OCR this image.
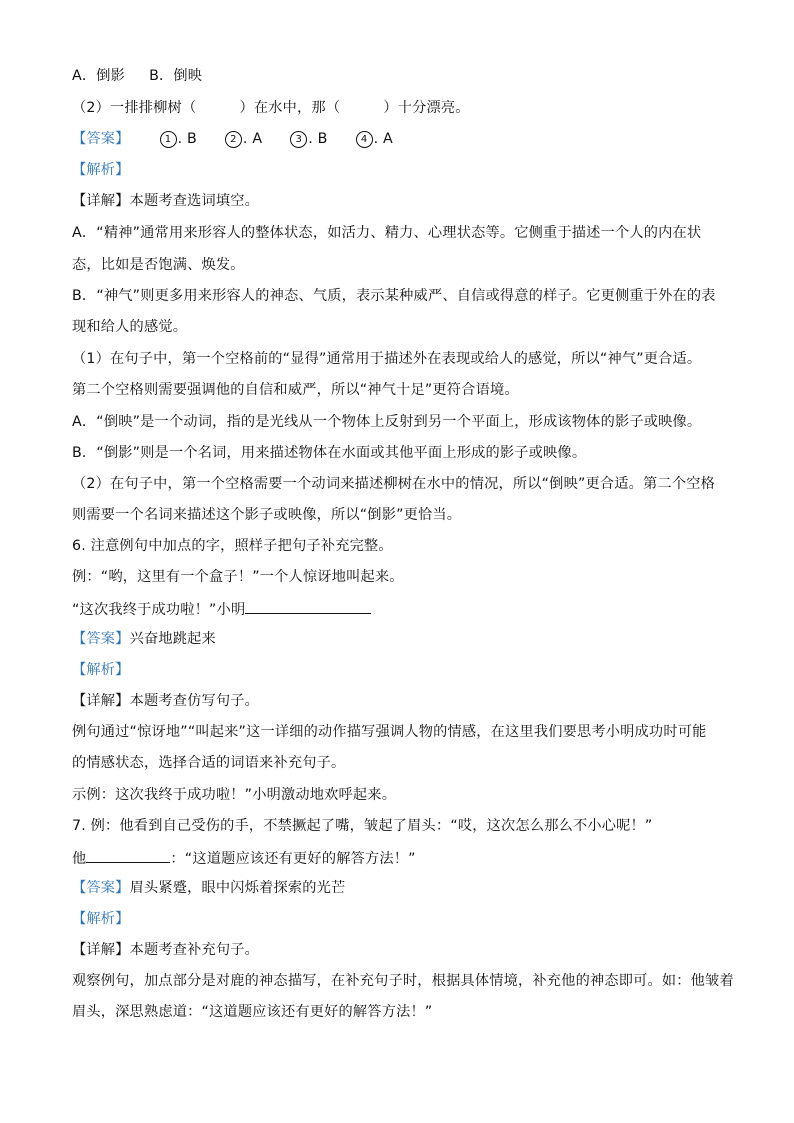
A．倒影 B．倒映
（2）一排排柳树（　　　）在水中，那（　　　）十分漂亮。
【答案】	1 . B	2 . A	3 . B	4 . A
【解析】
【详解】本题考查选词填空。
A．“精神”通常用来形容人的整体状态，如活力、精力、心理状态等。它侧重于描述一个人的内在状
态，比如是否饱满、焕发。
B．“神气”则更多用来形容人的神态、气质，表示某种威严、自信或得意的样子。它更侧重于外在的表
现和给人的感觉。
（1）在句子中，第一个空格前的“显得”通常用于描述外在表现或给人的感觉，所以“神气”更合适。
第二个空格则需要强调他的自信和威严，所以“神气十足”更符合语境。
A．“倒映”是一个动词，指的是光线从一个物体上反射到另一个平面上，形成该物体的影子或映像。
B．“倒影”则是一个名词，用来描述物体在水面或其他平面上形成的影子或映像。
（2）在句子中，第一个空格需要一个动词来描述柳树在水中的情况，所以“倒映”更合适。第二个空格
则需要一个名词来描述这个影子或映像，所以“倒影”更恰当。
6. 注意例句中加点的字，照样子把句子补充完整。
例：“哟，这里有一个盒子！”一个人惊讶地叫起来。
“这次我终于成功啦！”小明
【答案】兴奋地跳起来
【解析】
【详解】本题考查仿写句子。
例句通过“惊讶地”“叫起来”这一详细的动作描写强调人物的情感，在这里我们要思考小明成功时可能
的情感状态，选择合适的词语来补充句子。
示例：这次我终于成功啦！”小明激动地欢呼起来。
7. 例：他看到自己受伤的手，不禁撅起了嘴，皱起了眉头：“哎，这次怎么那么不小心呢！”
他	：“这道题应该还有更好的解答方法！”
【答案】眉头紧蹙，眼中闪烁着探索的光芒
【解析】
【详解】本题考查补充句子。
观察例句，加点部分是对鹿的神态描写，在补充句子时，根据具体情境，补充他的神态即可。如：他皱着
眉头，深思熟虑道：“这道题应该还有更好的解答方法！”
